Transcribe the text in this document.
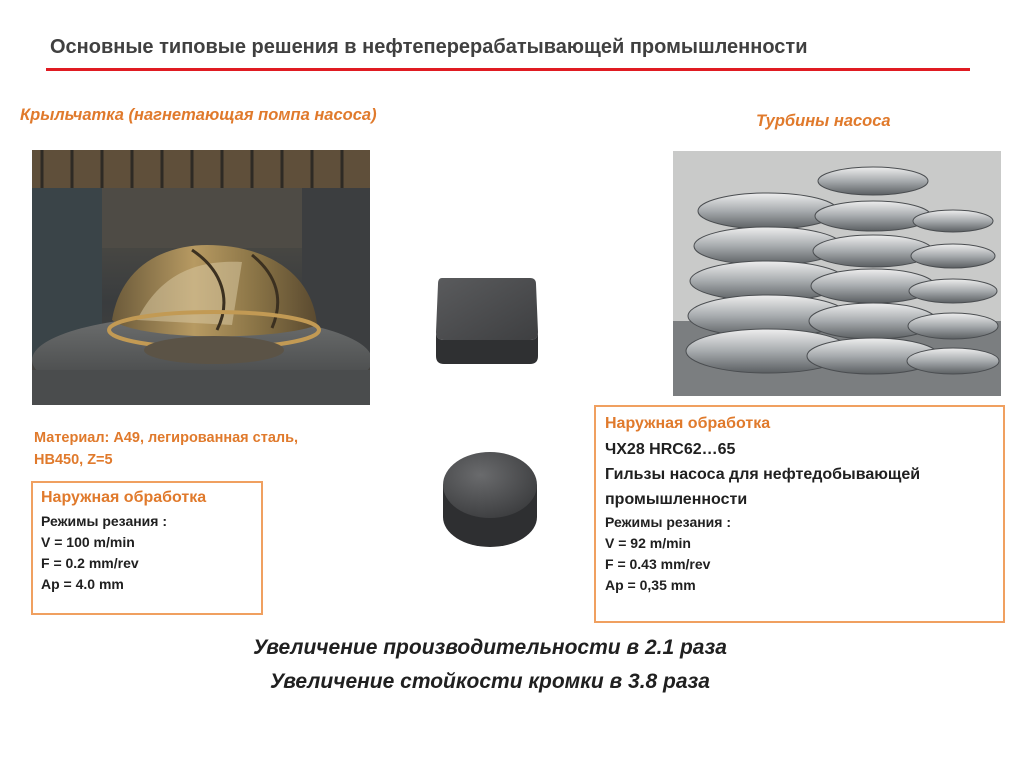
Основные типовые решения в нефтеперерабатывающей промышленности
Крыльчатка (нагнетающая помпа насоса)	Турбины насоса
Материал: А49, легированная сталь,
HB450, Z=5
Наружная обработка
Режимы резания :
V = 100 m/min
F = 0.2 mm/rev
Ap = 4.0 mm
Наружная обработка
ЧХ28 HRC62…65
Гильзы насоса для нефтедобывающей
промышленности
Режимы резания :
V = 92 m/min
F = 0.43 mm/rev
Ap = 0,35 mm
Увеличение производительности в 2.1 раза
Увеличение стойкости кромки в 3.8 раза
